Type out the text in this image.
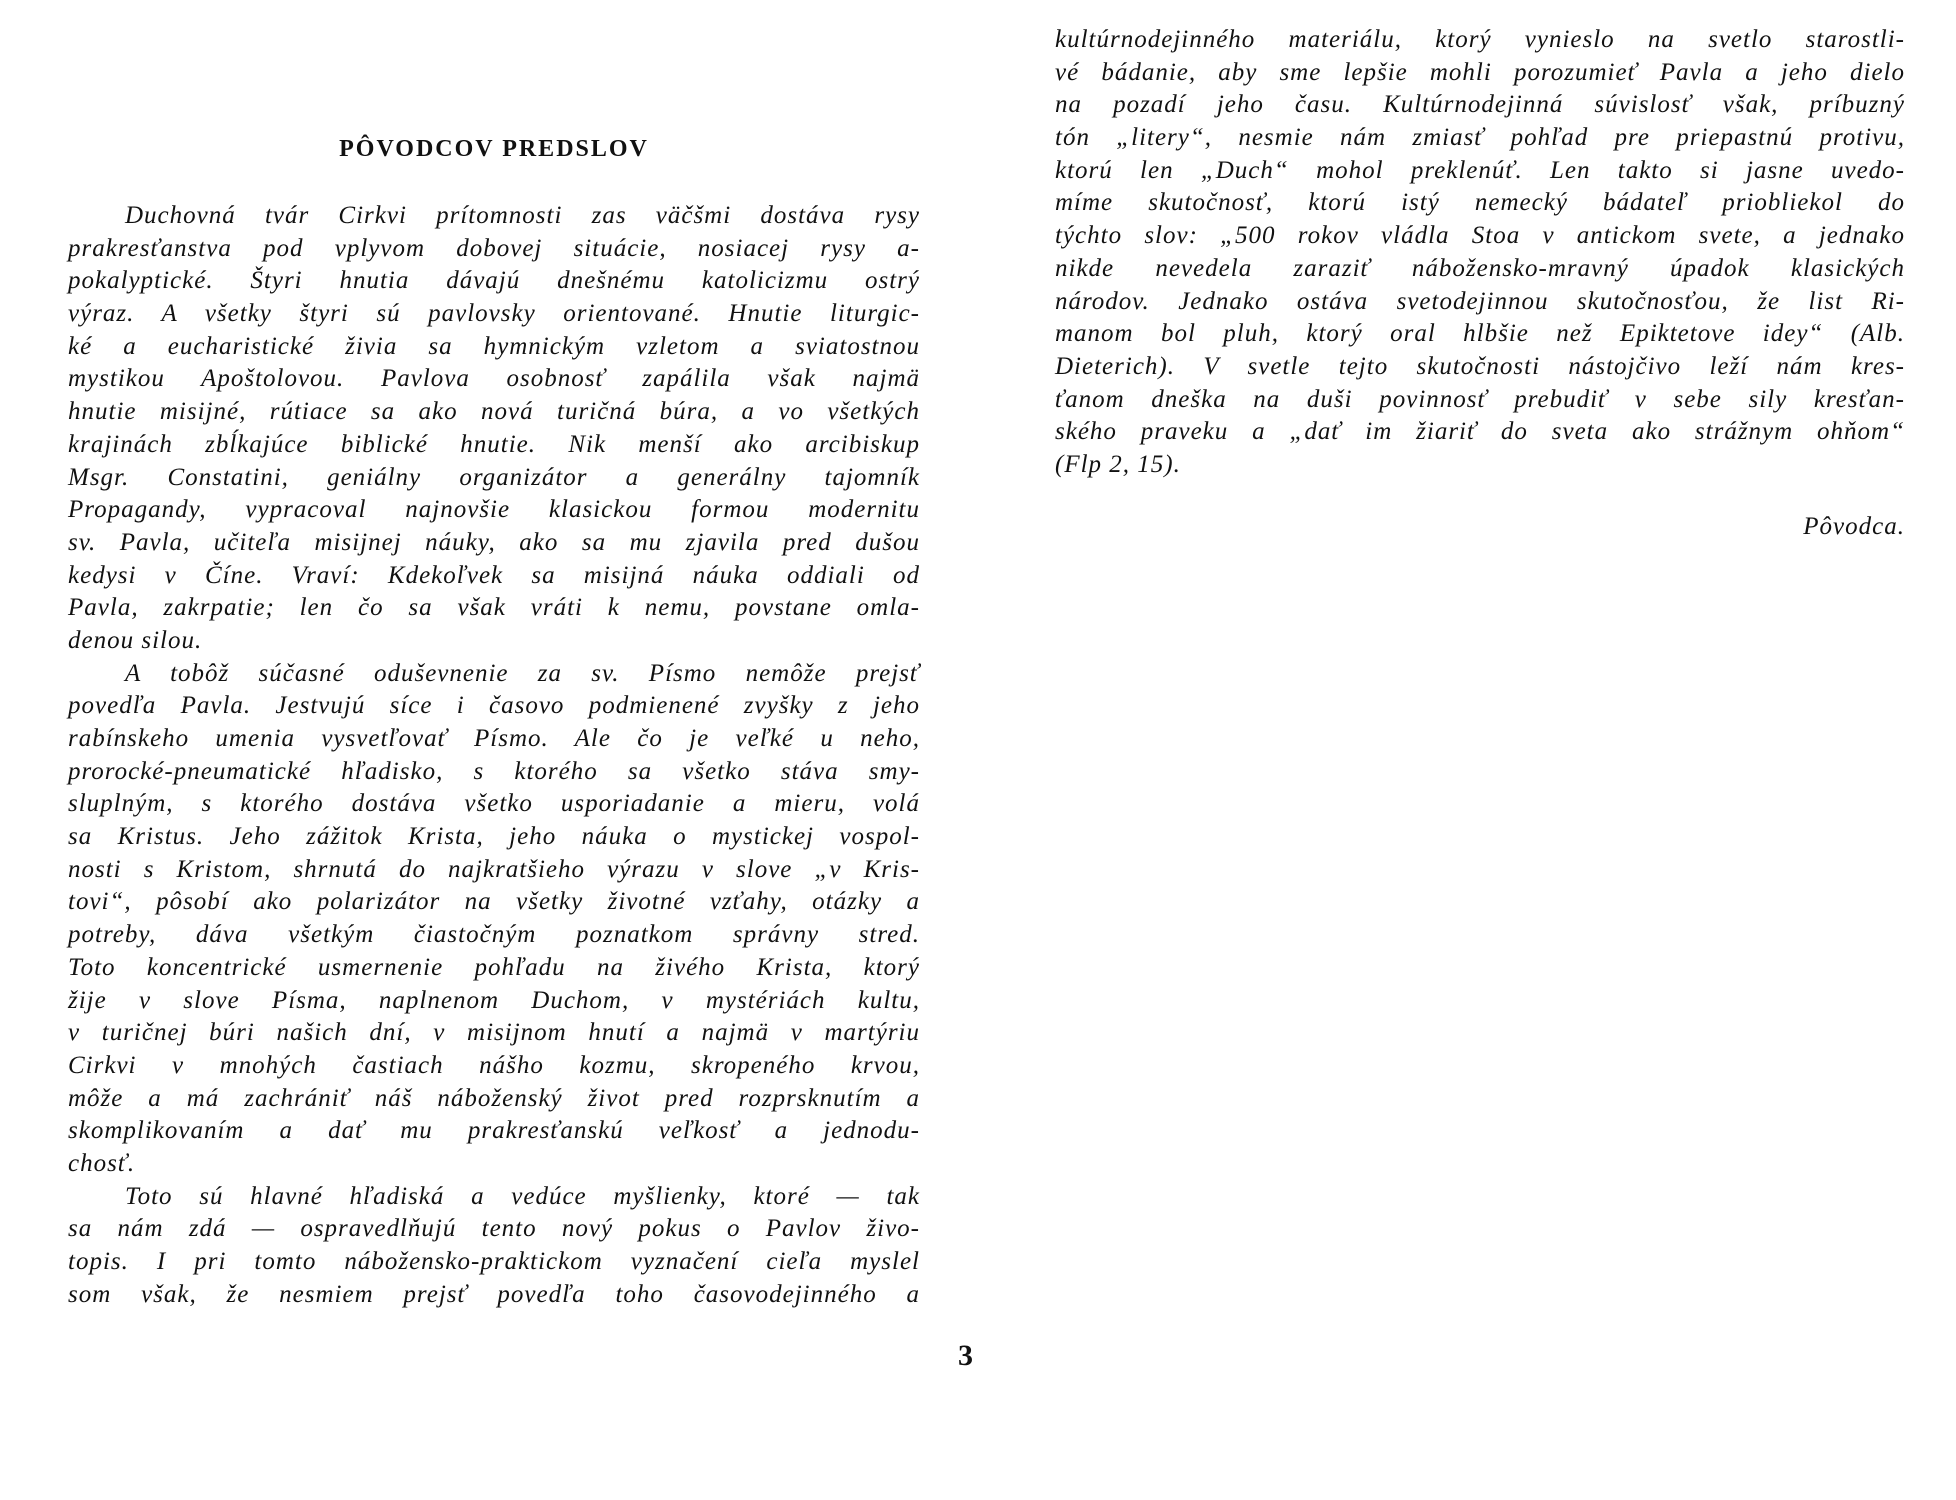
PÔVODCOV PREDSLOV
Duchovná tvár Cirkvi prítomnosti zas väčšmi dostáva rysy
prakresťanstva pod vplyvom dobovej situácie, nosiacej rysy a-
pokalyptické. Štyri hnutia dávajú dnešnému katolicizmu ostrý
výraz. A všetky štyri sú pavlovsky orientované. Hnutie liturgic-
ké a eucharistické živia sa hymnickým vzletom a sviatostnou
mystikou Apoštolovou. Pavlova osobnosť zapálila však najmä
hnutie misijné, rútiace sa ako nová turičná búra, a vo všetkých
krajinách zbĺkajúce biblické hnutie. Nik menší ako arcibiskup
Msgr. Constatini, geniálny organizátor a generálny tajomník
Propagandy, vypracoval najnovšie klasickou formou modernitu
sv. Pavla, učiteľa misijnej náuky, ako sa mu zjavila pred dušou
kedysi v Číne. Vraví: Kdekoľvek sa misijná náuka oddiali od
Pavla, zakrpatie; len čo sa však vráti k nemu, povstane omla-
denou silou.
A tobôž súčasné oduševnenie za sv. Písmo nemôže prejsť
povedľa Pavla. Jestvujú síce i časovo podmienené zvyšky z jeho
rabínskeho umenia vysvetľovať Písmo. Ale čo je veľké u neho,
prorocké-pneumatické hľadisko, s ktorého sa všetko stáva smy-
sluplným, s ktorého dostáva všetko usporiadanie a mieru, volá
sa Kristus. Jeho zážitok Krista, jeho náuka o mystickej vospol-
nosti s Kristom, shrnutá do najkratšieho výrazu v slove „v Kris-
tovi“, pôsobí ako polarizátor na všetky životné vzťahy, otázky a
potreby, dáva všetkým čiastočným poznatkom správny stred.
Toto koncentrické usmernenie pohľadu na živého Krista, ktorý
žije v slove Písma, naplnenom Duchom, v mystériách kultu,
v turičnej búri našich dní, v misijnom hnutí a najmä v martýriu
Cirkvi v mnohých častiach nášho kozmu, skropeného krvou,
môže a má zachrániť náš náboženský život pred rozprsknutím a
skomplikovaním a dať mu prakresťanskú veľkosť a jednodu-
chosť.
Toto sú hlavné hľadiská a vedúce myšlienky, ktoré — tak
sa nám zdá — ospravedlňujú tento nový pokus o Pavlov živo-
topis. I pri tomto nábožensko-praktickom vyznačení cieľa myslel
som však, že nesmiem prejsť povedľa toho časovodejinného a
3
kultúrnodejinného materiálu, ktorý vynieslo na svetlo starostli-
vé bádanie, aby sme lepšie mohli porozumieť Pavla a jeho dielo
na pozadí jeho času. Kultúrnodejinná súvislosť však, príbuzný
tón „litery“, nesmie nám zmiasť pohľad pre priepastnú protivu,
ktorú len „Duch“ mohol preklenúť. Len takto si jasne uvedo-
míme skutočnosť, ktorú istý nemecký bádateľ priobliekol do
týchto slov: „500 rokov vládla Stoa v antickom svete, a jednako
nikde nevedela zaraziť nábožensko-mravný úpadok klasických
národov. Jednako ostáva svetodejinnou skutočnosťou, že list Ri-
manom bol pluh, ktorý oral hlbšie než Epiktetove idey“ (Alb.
Dieterich). V svetle tejto skutočnosti nástojčivo leží nám kres-
ťanom dneška na duši povinnosť prebudiť v sebe sily kresťan-
ského praveku a „dať im žiariť do sveta ako strážnym ohňom“
(Flp 2, 15).
Pôvodca.
